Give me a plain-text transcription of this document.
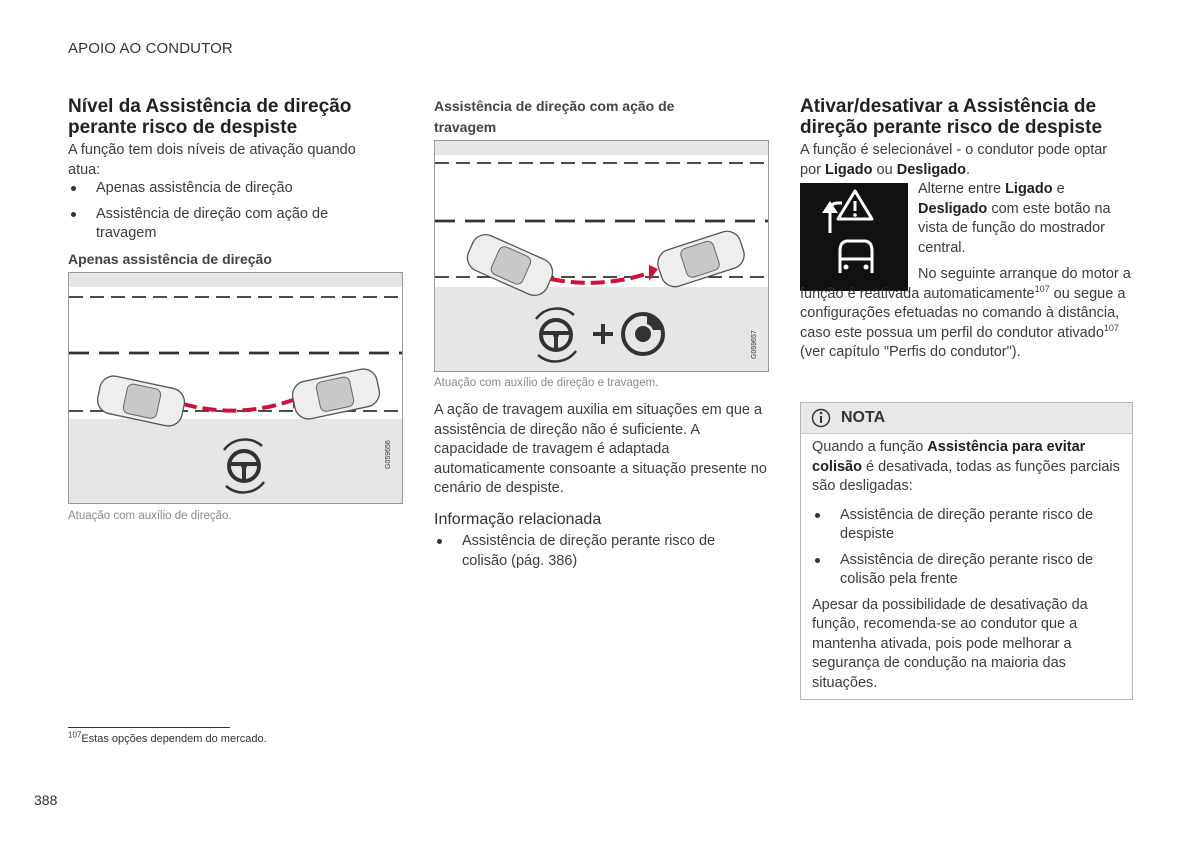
APOIO AO CONDUTOR
Nível da Assistência de direção perante risco de despiste

A função tem dois níveis de ativação quando atua:

Apenas assistência de direção
Assistência de direção com ação de travagem
Apenas assistência de direção
G059656
Atuação com auxílio de direção.
Assistência de direção com ação de travagem
G059657
Atuação com auxílio de direção e travagem.

A ação de travagem auxilia em situações em que a assistência de direção não é suficiente. A capacidade de travagem é adaptada automaticamente consoante a situação presente no cenário de despiste.

Informação relacionada
Assistência de direção perante risco de colisão (pág. 386)
Ativar/desativar a Assistência de direção perante risco de despiste

A função é selecionável - o condutor pode optar por Ligado ou Desligado.

Alterne entre Ligado e Desligado com este botão na vista de função do mostrador central.

No seguinte arranque do motor a função é reativada automaticamente$^{107}$ ou segue a configurações efetuadas no comando à distância, caso este possua um perfil do condutor ativado$^{107}$ (ver capítulo "Perfis do condutor").

NOTA

Quando a função Assistência para evitar colisão é desativada, todas as funções parciais são desligadas:

Assistência de direção perante risco de despiste
Assistência de direção perante risco de colisão pela frente

Apesar da possibilidade de desativação da função, recomenda-se ao condutor que a mantenha ativada, pois pode melhorar a segurança de condução na maioria das situações.

$^{107}$Estas opções dependem do mercado.
388
